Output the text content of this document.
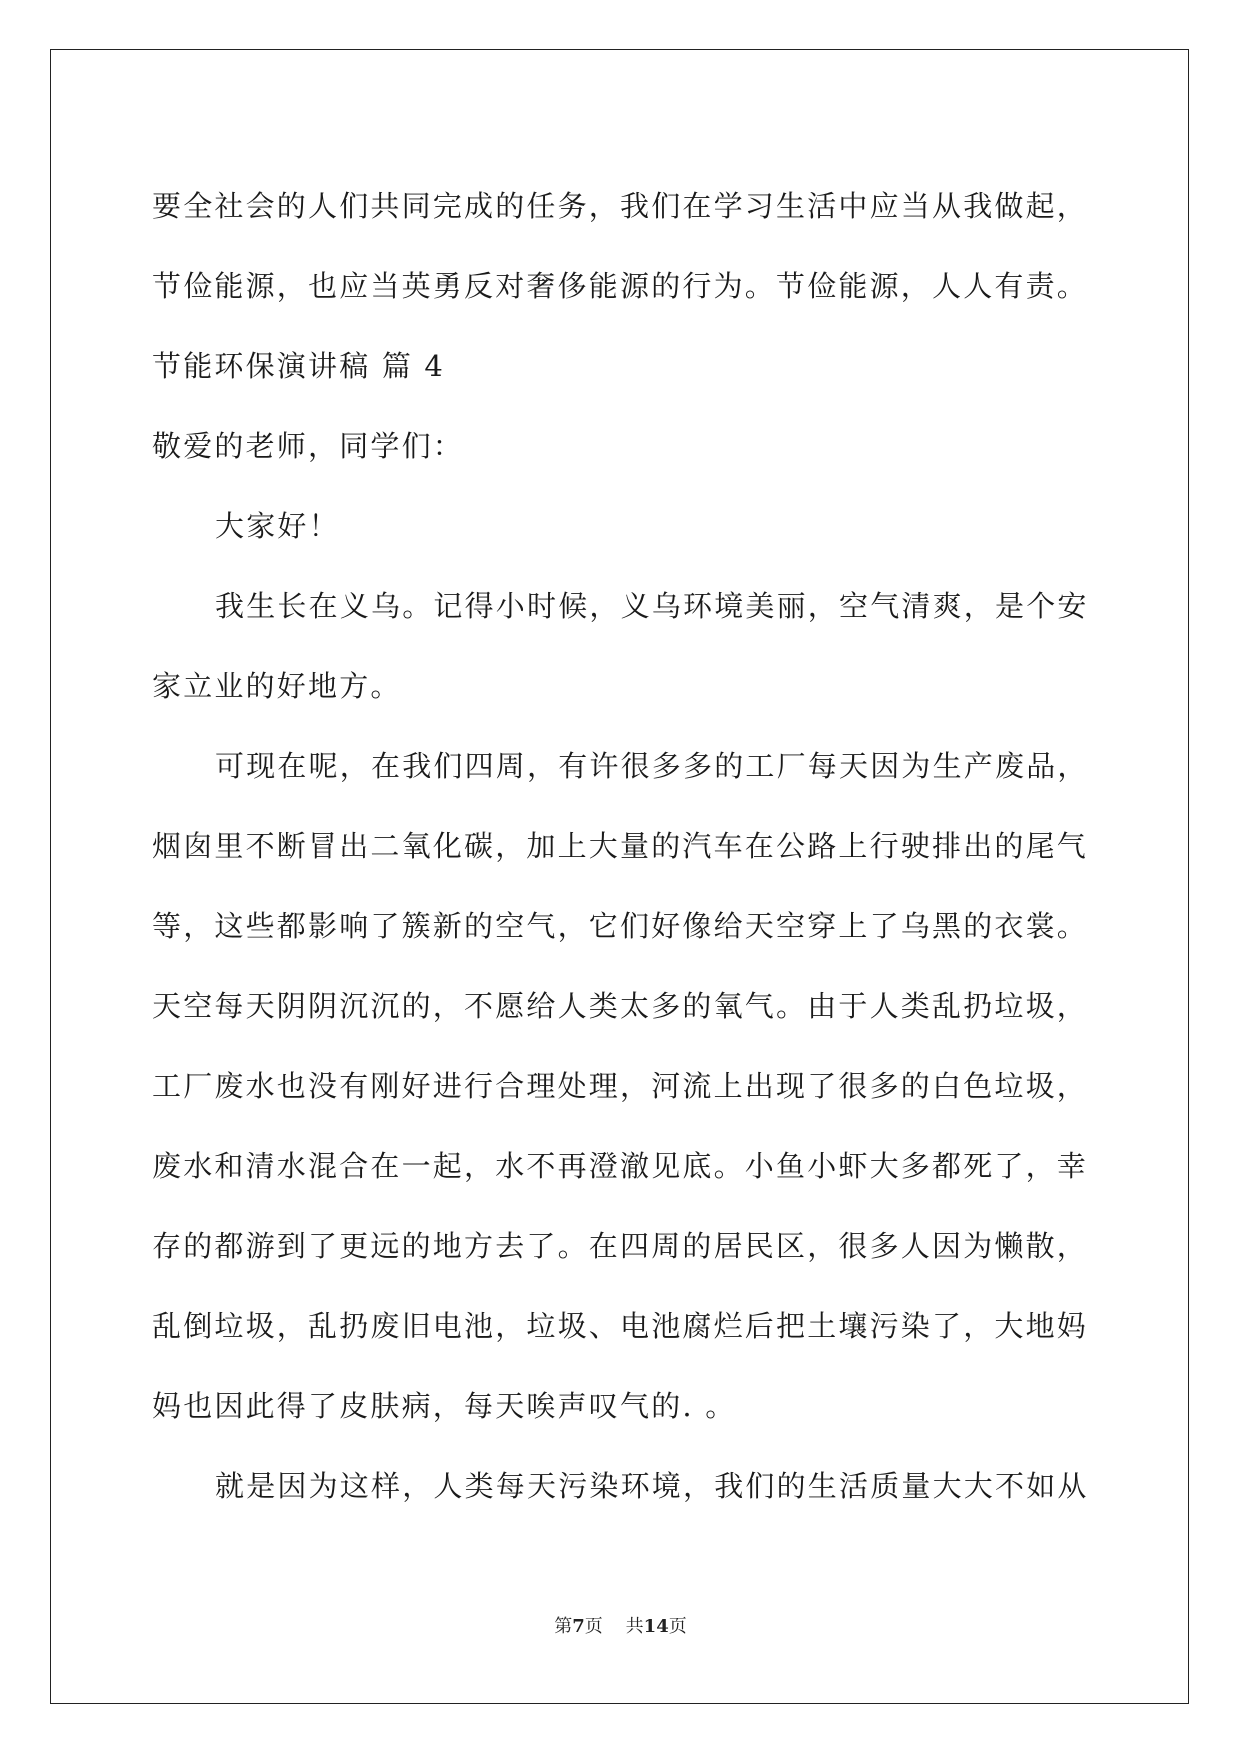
要全社会的人们共同完成的任务，我们在学习生活中应当从我做起，
节俭能源，也应当英勇反对奢侈能源的行为。节俭能源，人人有责。
节能环保演讲稿 篇 4
敬爱的老师，同学们：
大家好！
我生长在义乌。记得小时候，义乌环境美丽，空气清爽，是个安
家立业的好地方。
可现在呢，在我们四周，有许很多多的工厂每天因为生产废品，
烟囱里不断冒出二氧化碳，加上大量的汽车在公路上行驶排出的尾气
等，这些都影响了簇新的空气，它们好像给天空穿上了乌黑的衣裳。
天空每天阴阴沉沉的，不愿给人类太多的氧气。由于人类乱扔垃圾，
工厂废水也没有刚好进行合理处理，河流上出现了很多的白色垃圾，
废水和清水混合在一起，水不再澄澈见底。小鱼小虾大多都死了，幸
存的都游到了更远的地方去了。在四周的居民区，很多人因为懒散，
乱倒垃圾，乱扔废旧电池，垃圾、电池腐烂后把土壤污染了，大地妈
妈也因此得了皮肤病，每天唉声叹气的. 。
就是因为这样，人类每天污染环境，我们的生活质量大大不如从
第7页 共14页
